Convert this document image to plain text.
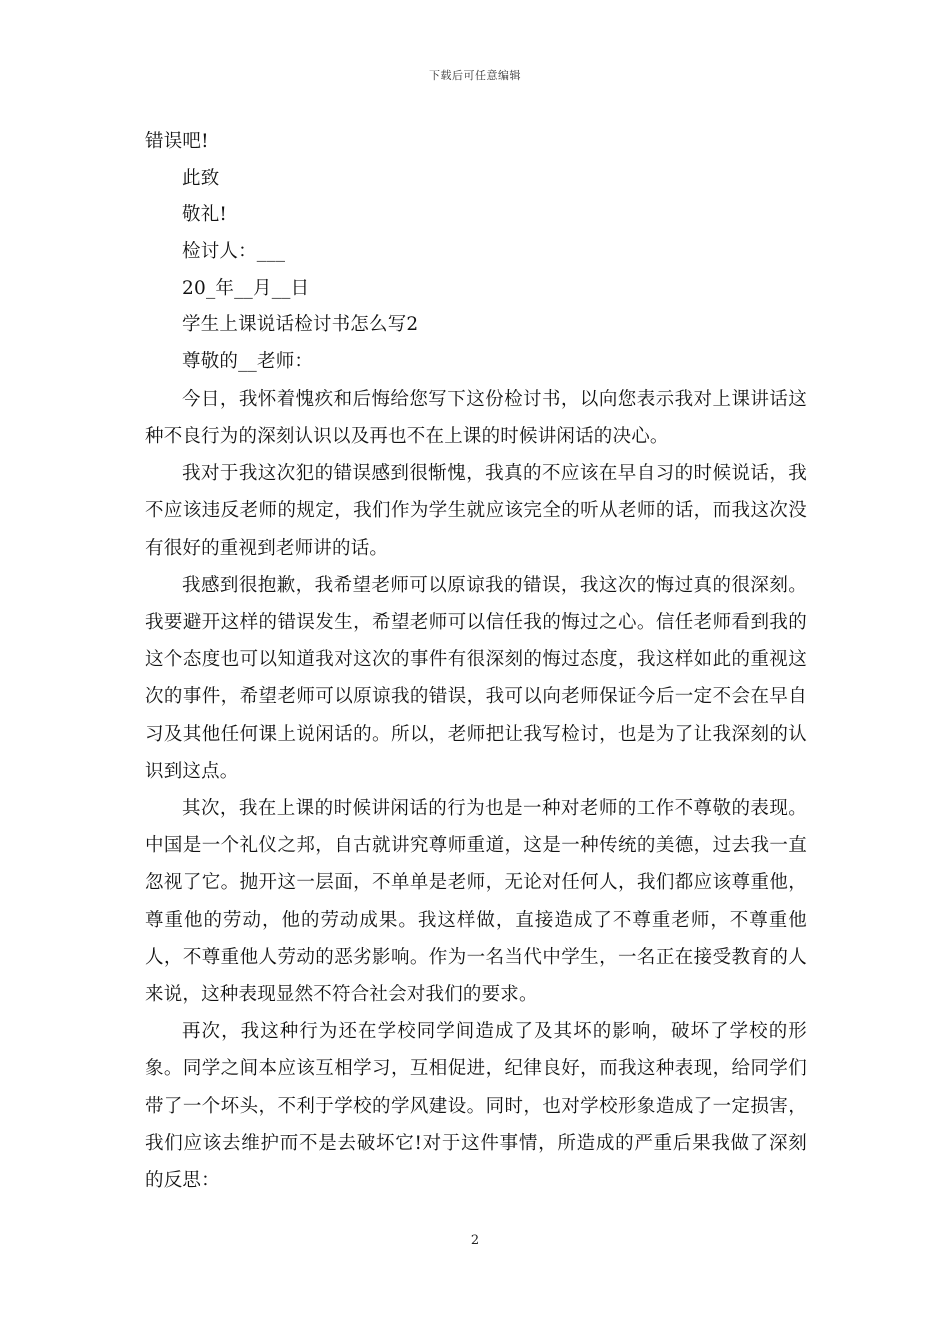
下载后可任意编辑
错误吧!
此致
敬礼!
检讨人：___
20_年__月__日
学生上课说话检讨书怎么写2
尊敬的__老师：

今日，我怀着愧疚和后悔给您写下这份检讨书，以向您表示我对上课讲话这种不良行为的深刻认识以及再也不在上课的时候讲闲话的决心。

我对于我这次犯的错误感到很惭愧，我真的不应该在早自习的时候说话，我不应该违反老师的规定，我们作为学生就应该完全的听从老师的话，而我这次没有很好的重视到老师讲的话。

我感到很抱歉，我希望老师可以原谅我的错误，我这次的悔过真的很深刻。我要避开这样的错误发生，希望老师可以信任我的悔过之心。信任老师看到我的这个态度也可以知道我对这次的事件有很深刻的悔过态度，我这样如此的重视这次的事件，希望老师可以原谅我的错误，我可以向老师保证今后一定不会在早自习及其他任何课上说闲话的。所以，老师把让我写检讨，也是为了让我深刻的认识到这点。

其次，我在上课的时候讲闲话的行为也是一种对老师的工作不尊敬的表现。中国是一个礼仪之邦，自古就讲究尊师重道，这是一种传统的美德，过去我一直忽视了它。抛开这一层面，不单单是老师，无论对任何人，我们都应该尊重他，尊重他的劳动，他的劳动成果。我这样做，直接造成了不尊重老师，不尊重他人，不尊重他人劳动的恶劣影响。作为一名当代中学生，一名正在接受教育的人来说，这种表现显然不符合社会对我们的要求。

再次，我这种行为还在学校同学间造成了及其坏的影响，破坏了学校的形象。同学之间本应该互相学习，互相促进，纪律良好，而我这种表现，给同学们带了一个坏头，不利于学校的学风建设。同时，也对学校形象造成了一定损害，我们应该去维护而不是去破坏它!对于这件事情，所造成的严重后果我做了深刻的反思：

2
